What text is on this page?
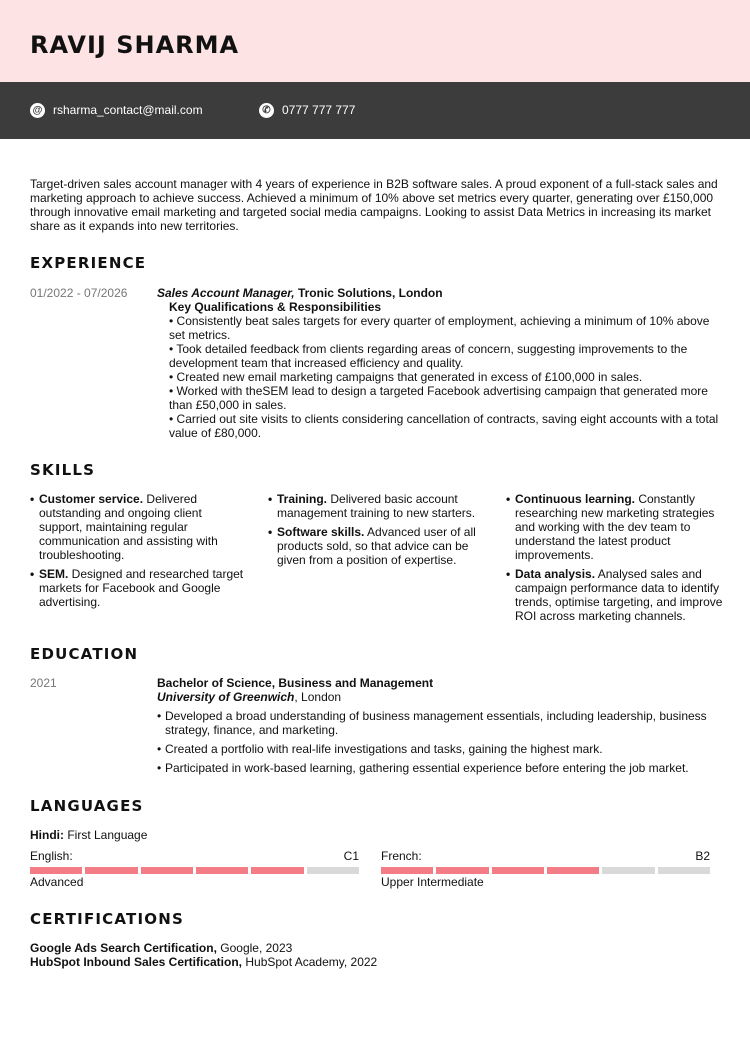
RAVIJ SHARMA
@ rsharma_contact@mail.com	✆ 0777 777 777
Target-driven sales account manager with 4 years of experience in B2B software sales. A proud exponent of a full-stack sales and marketing approach to achieve success. Achieved a minimum of 10% above set metrics every quarter, generating over £150,000 through innovative email marketing and targeted social media campaigns. Looking to assist Data Metrics in increasing its market share as it expands into new territories.
EXPERIENCE
01/2022 - 07/2026 Sales Account Manager, Tronic Solutions, London
Key Qualifications & Responsibilities
• Consistently beat sales targets for every quarter of employment, achieving a minimum of 10% above set metrics.
• Took detailed feedback from clients regarding areas of concern, suggesting improvements to the development team that increased efficiency and quality.
• Created new email marketing campaigns that generated in excess of £100,000 in sales.
• Worked with theSEM lead to design a targeted Facebook advertising campaign that generated more than £50,000 in sales.
• Carried out site visits to clients considering cancellation of contracts, saving eight accounts with a total value of £80,000.
SKILLS
• Customer service. Delivered outstanding and ongoing client support, maintaining regular communication and assisting with troubleshooting.
• SEM. Designed and researched target markets for Facebook and Google advertising.
• Training. Delivered basic account management training to new starters.
• Software skills. Advanced user of all products sold, so that advice can be given from a position of expertise.
• Continuous learning. Constantly researching new marketing strategies and working with the dev team to understand the latest product improvements.
• Data analysis. Analysed sales and campaign performance data to identify trends, optimise targeting, and improve ROI across marketing channels.
EDUCATION
2021	Bachelor of Science, Business and Management
University of Greenwich, London
• Developed a broad understanding of business management essentials, including leadership, business strategy, finance, and marketing.
• Created a portfolio with real-life investigations and tasks, gaining the highest mark.
• Participated in work-based learning, gathering essential experience before entering the job market.
LANGUAGES
Hindi: First Language
English:	C1
Advanced
French:	B2
Upper Intermediate
CERTIFICATIONS
Google Ads Search Certification, Google, 2023
HubSpot Inbound Sales Certification, HubSpot Academy, 2022
